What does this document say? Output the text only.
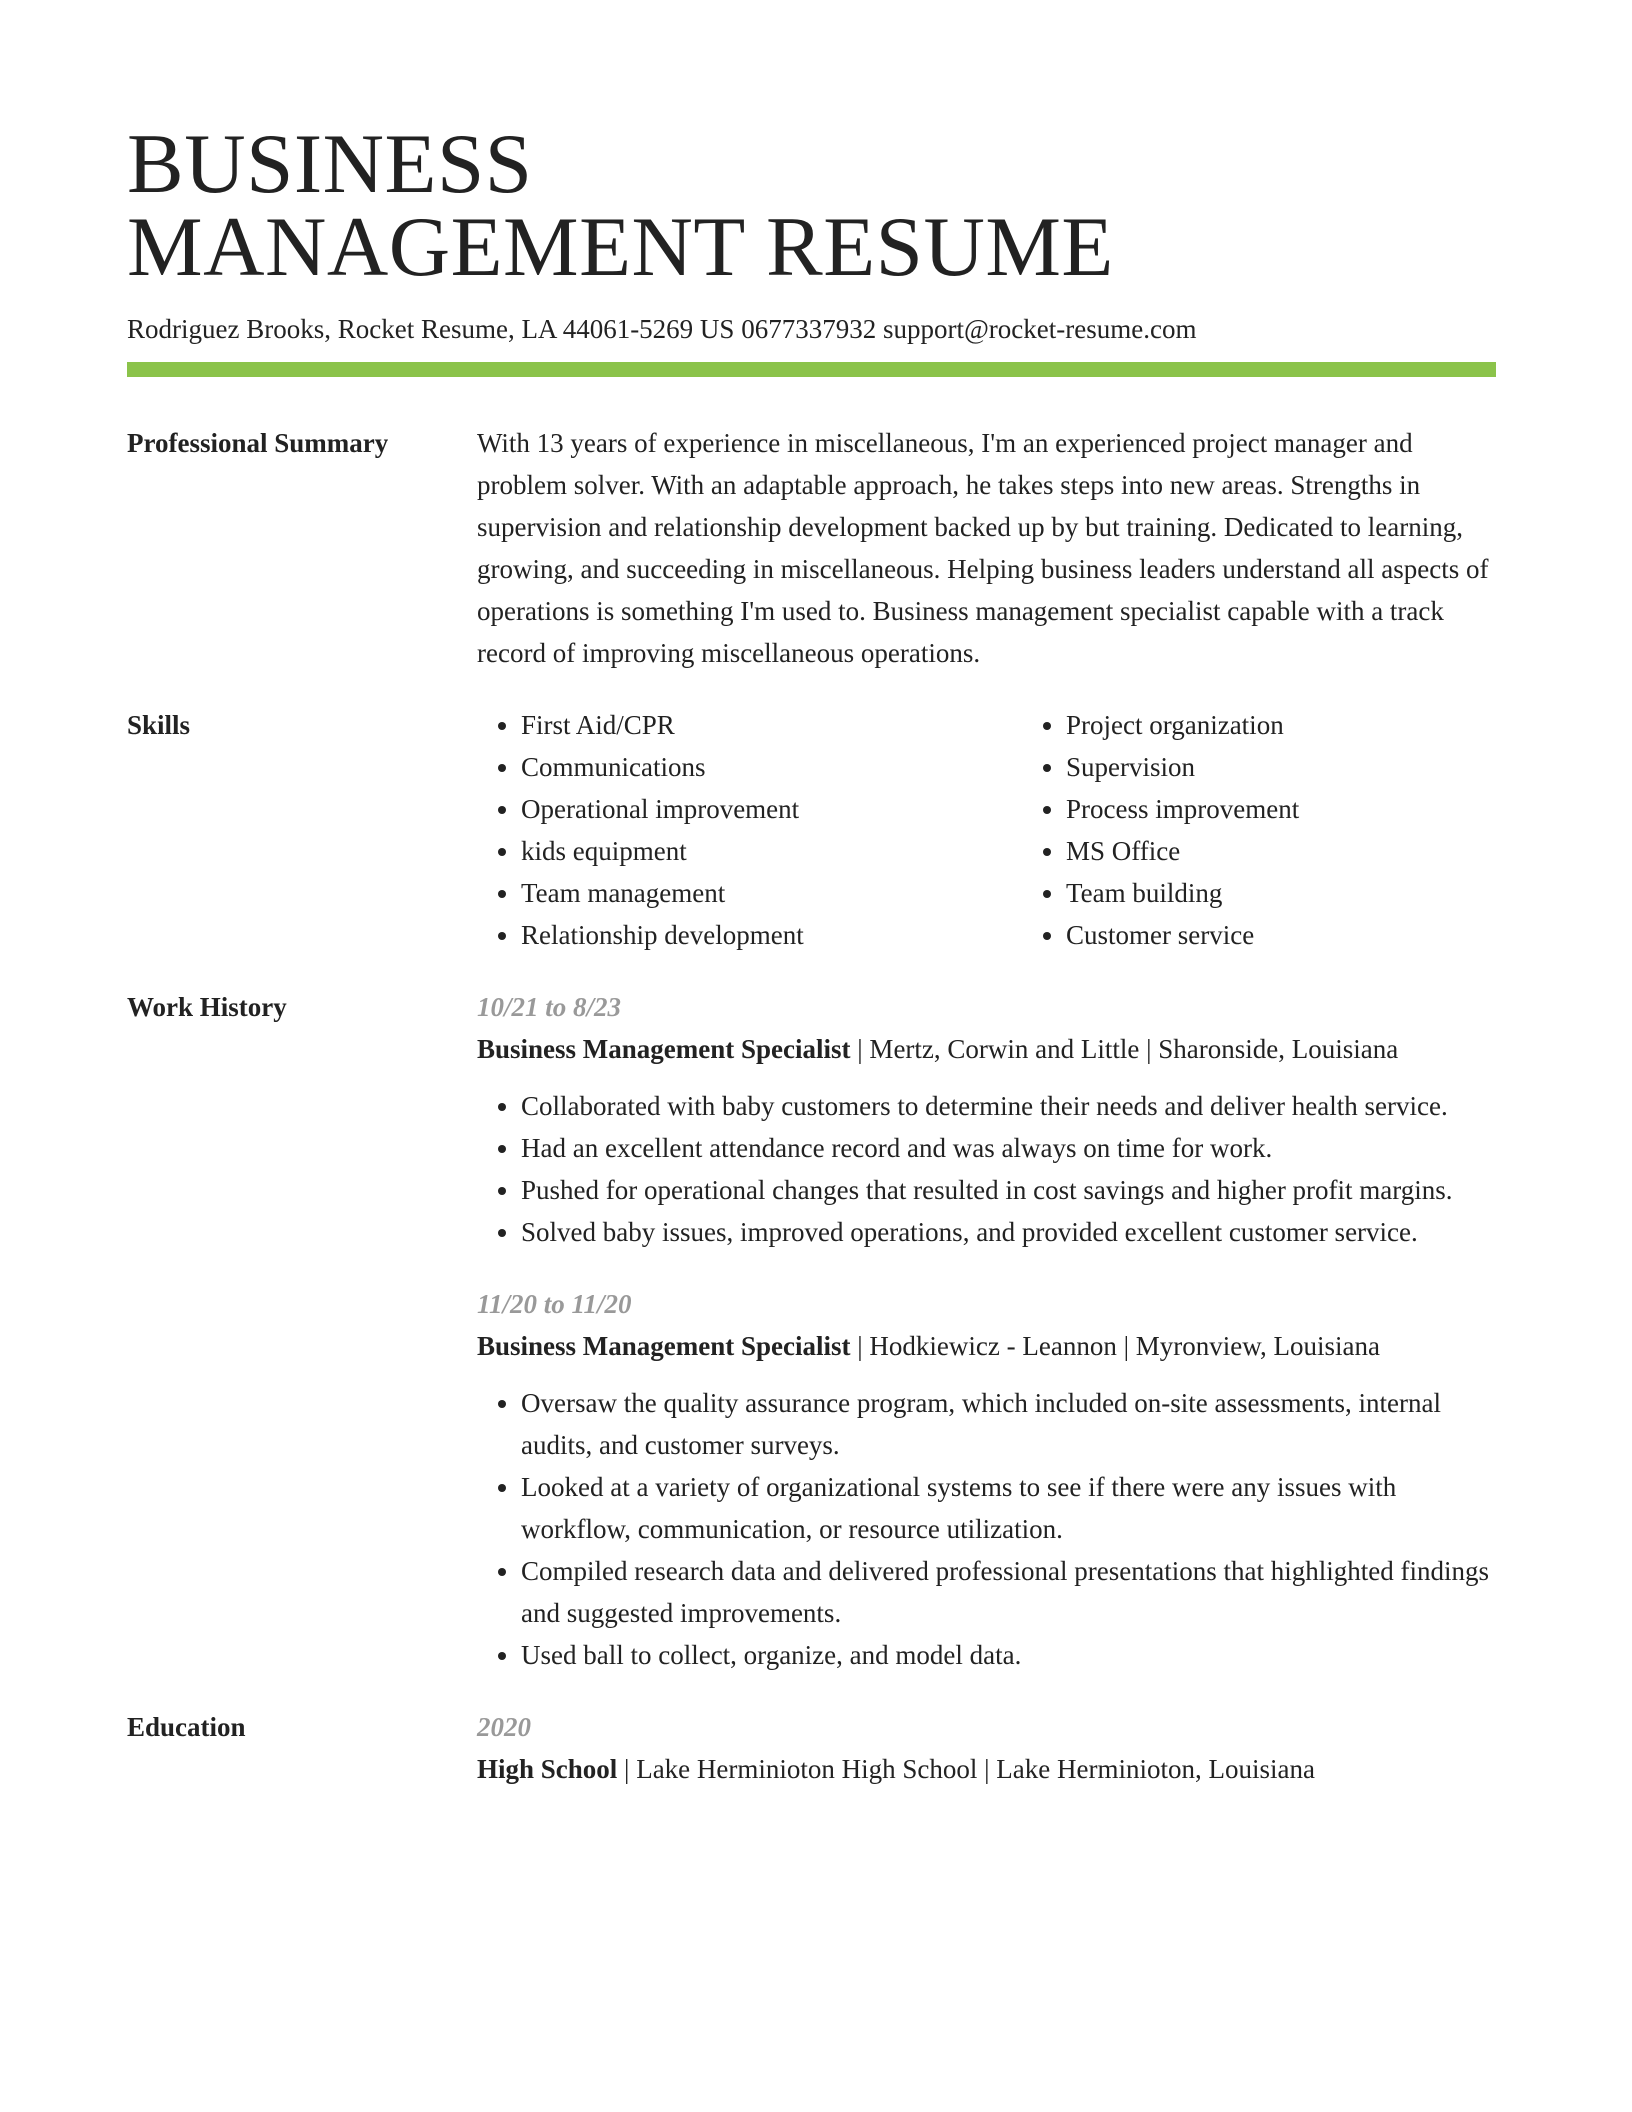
BUSINESS
MANAGEMENT RESUME
Rodriguez Brooks, Rocket Resume, LA 44061-5269 US 0677337932 support@rocket-resume.com
Professional Summary	With 13 years of experience in miscellaneous, I'm an experienced project manager and problem solver. With an adaptable approach, he takes steps into new areas. Strengths in supervision and relationship development backed up by but training. Dedicated to learning, growing, and succeeding in miscellaneous. Helping business leaders understand all aspects of operations is something I'm used to. Business management specialist capable with a track record of improving miscellaneous operations.
Skills
•	First Aid/CPR
• Communications
• Operational improvement
• kids equipment
• Team management
• Relationship development
• Project organization
• Supervision
• Process improvement
• MS Office
• Team building
• Customer service
Work History	10/21 to 8/23
Business Management Specialist | Mertz, Corwin and Little | Sharonside, Louisiana
• Collaborated with baby customers to determine their needs and deliver health service.
• Had an excellent attendance record and was always on time for work.
• Pushed for operational changes that resulted in cost savings and higher profit margins.
• Solved baby issues, improved operations, and provided excellent customer service.
11/20 to 11/20
Business Management Specialist | Hodkiewicz - Leannon | Myronview, Louisiana
• Oversaw the quality assurance program, which included on-site assessments, internal audits, and customer surveys.
• Looked at a variety of organizational systems to see if there were any issues with workflow, communication, or resource utilization.
• Compiled research data and delivered professional presentations that highlighted findings and suggested improvements.
• Used ball to collect, organize, and model data.
Education	2020
High School | Lake Herminioton High School | Lake Herminioton, Louisiana
